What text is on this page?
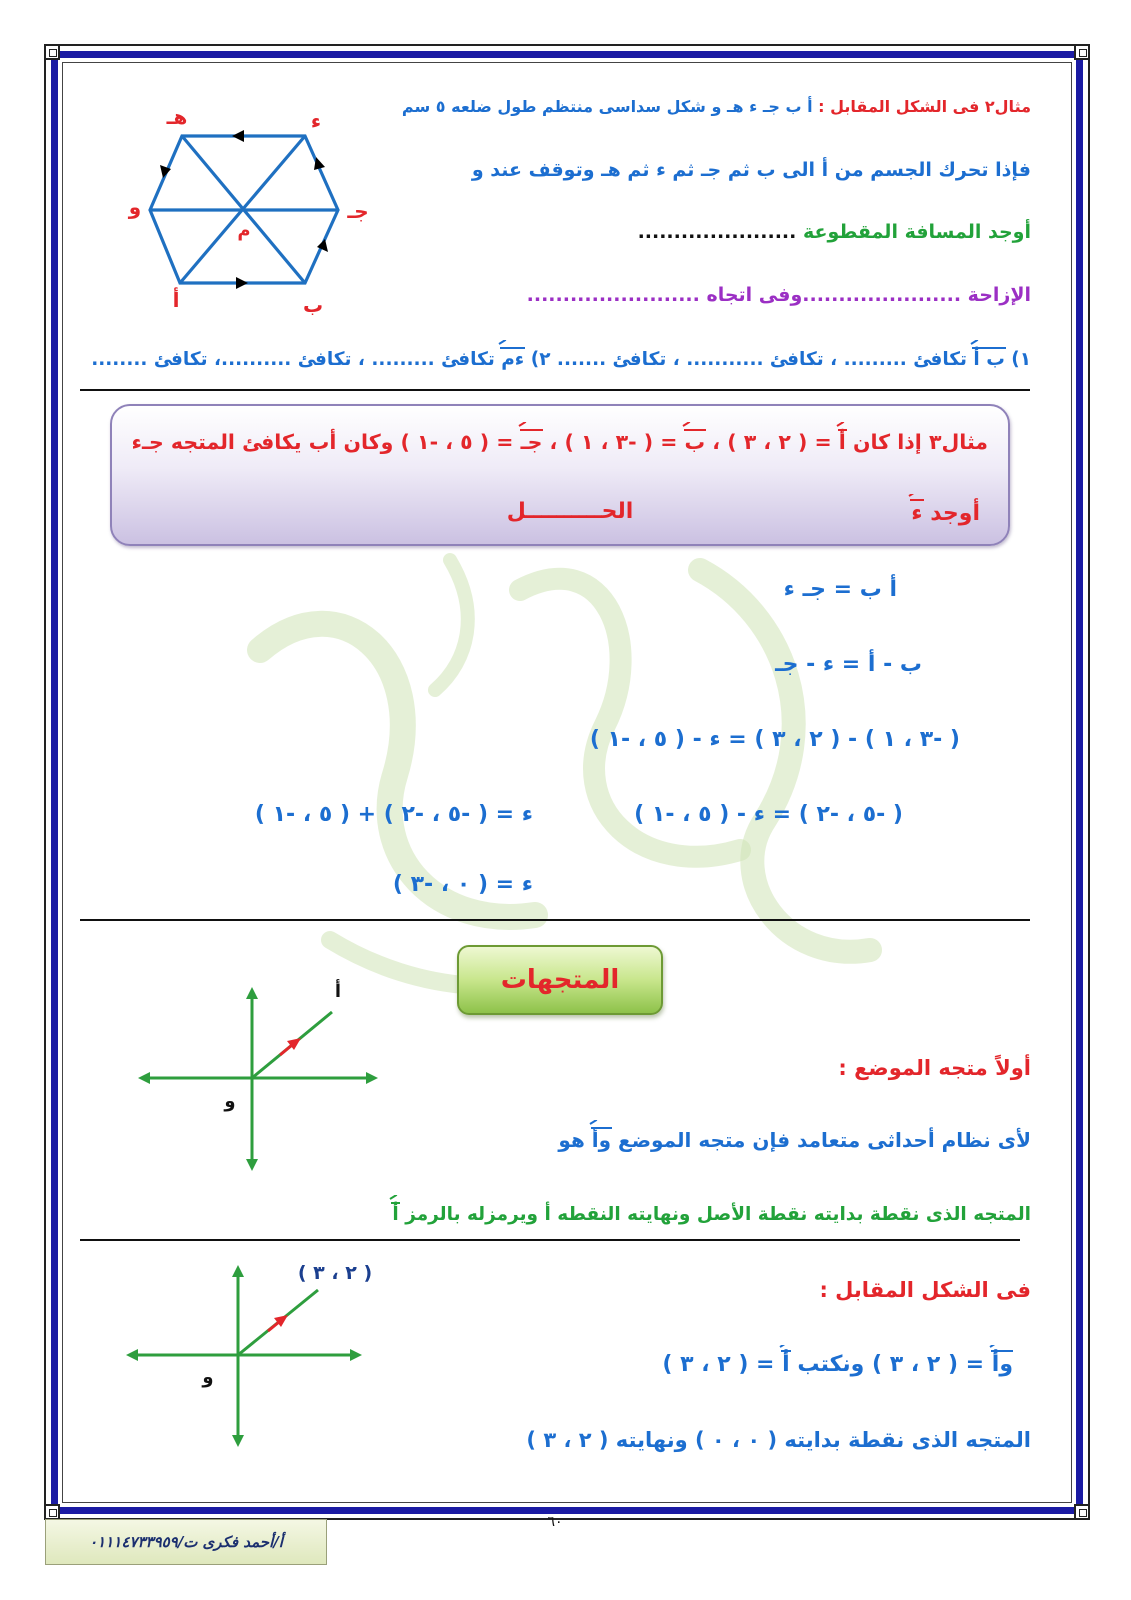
مثال٢ فى الشكل المقابل : أ ب جـ ء هـ و شكل سداسى منتظم طول ضلعه ٥ سم
فإذا تحرك الجسم من أ الى ب ثم جـ ثم ء ثم هـ وتوقف عند و
أوجد المسافة المقطوعة ......................
الإزاحة ......................وفى اتجاه ........................
١) ب أ تكافئ ......... ، تكافئ ........... ، تكافئ ....... ٢) ءم تكافئ ......... ، تكافئ ..........، تكافئ ........
هـ	ء
جـ
ب
أ
و
م
مثال٣ إذا كان أ = ( ٢ ، ٣ ) ، ب = ( -٣ ، ١ ) ، جـ = ( ٥ ، -١ ) وكان أب يكافئ المتجه جـء
أوجد ء
الحــــــــــل
أ ب = جـ ء
ب - أ = ء - جـ
( -٣ ، ١ ) - ( ٢ ، ٣ ) = ء - ( ٥ ، -١ )
( -٥ ، -٢ ) = ء - ( ٥ ، -١ )
ء = ( -٥ ، -٢ ) + ( ٥ ، -١ )
ء = ( ٠ ، -٣ )
المتجهات
أ
و
أولاً متجه الموضع :
لأى نظام أحداثى متعامد فإن متجه الموضع وأ هو
المتجه الذى نقطة بدايته نقطة الأصل ونهايته النقطه أ ويرمزله بالرمز أ
و
( ٢ ، ٣ )
فى الشكل المقابل :
وأ = ( ٢ ، ٣ ) ونكتب أ = ( ٢ ، ٣ )
المتجه الذى نقطة بدايته ( ٠ ، ٠ ) ونهايته ( ٢ ، ٣ )
٦٠
أ/أحمد فكرى ت/٠١١١٤٧٣٣٩٥٩
